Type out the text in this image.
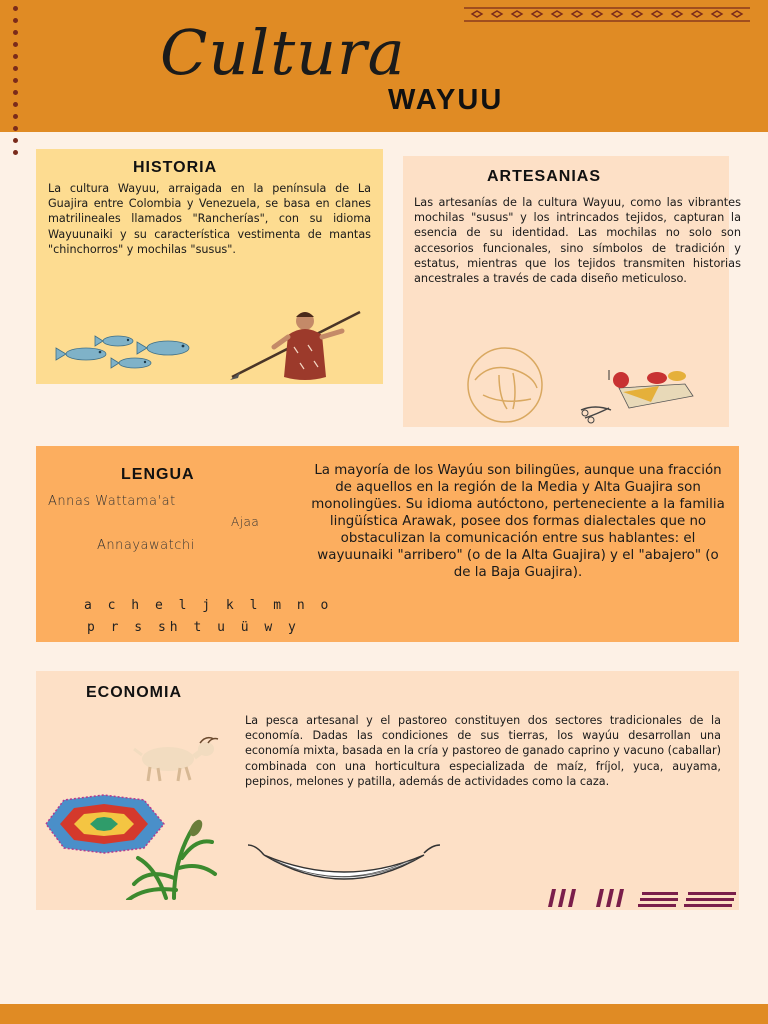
Cultura
WAYUU
HISTORIA

La cultura Wayuu, arraigada en la península de La Guajira entre Colombia y Venezuela, se basa en clanes matrilineales llamados "Rancherías", con su idioma Wayuunaiki y su característica vestimenta de mantas "chinchorros" y mochilas "susus".

ARTESANIAS

Las artesanías de la cultura Wayuu, como las vibrantes mochilas "susus" y los intrincados tejidos, capturan la esencia de su identidad. Las mochilas no solo son accesorios funcionales, sino símbolos de tradición y estatus, mientras que los tejidos transmiten historias ancestrales a través de cada diseño meticuloso.

LENGUA
Annas Wattama'at
Ajaa
Annayawatchi
a c h e l j k l m n o
p r s sh t u ü w y

La mayoría de los Wayúu son bilingües, aunque una fracción de aquellos en la región de la Media y Alta Guajira son monolingües. Su idioma autóctono, perteneciente a la familia lingüística Arawak, posee dos formas dialectales que no obstaculizan la comunicación entre sus hablantes: el wayuunaiki "arribero" (o de la Alta Guajira) y el "abajero" (o de la Baja Guajira).

ECONOMIA

La pesca artesanal y el pastoreo constituyen dos sectores tradicionales de la economía. Dadas las condiciones de sus tierras, los wayúu desarrollan una economía mixta, basada en la cría y pastoreo de ganado caprino y vacuno (caballar) combinada con una horticultura especializada de maíz, fríjol, yuca, auyama, pepinos, melones y patilla, además de actividades como la caza.
